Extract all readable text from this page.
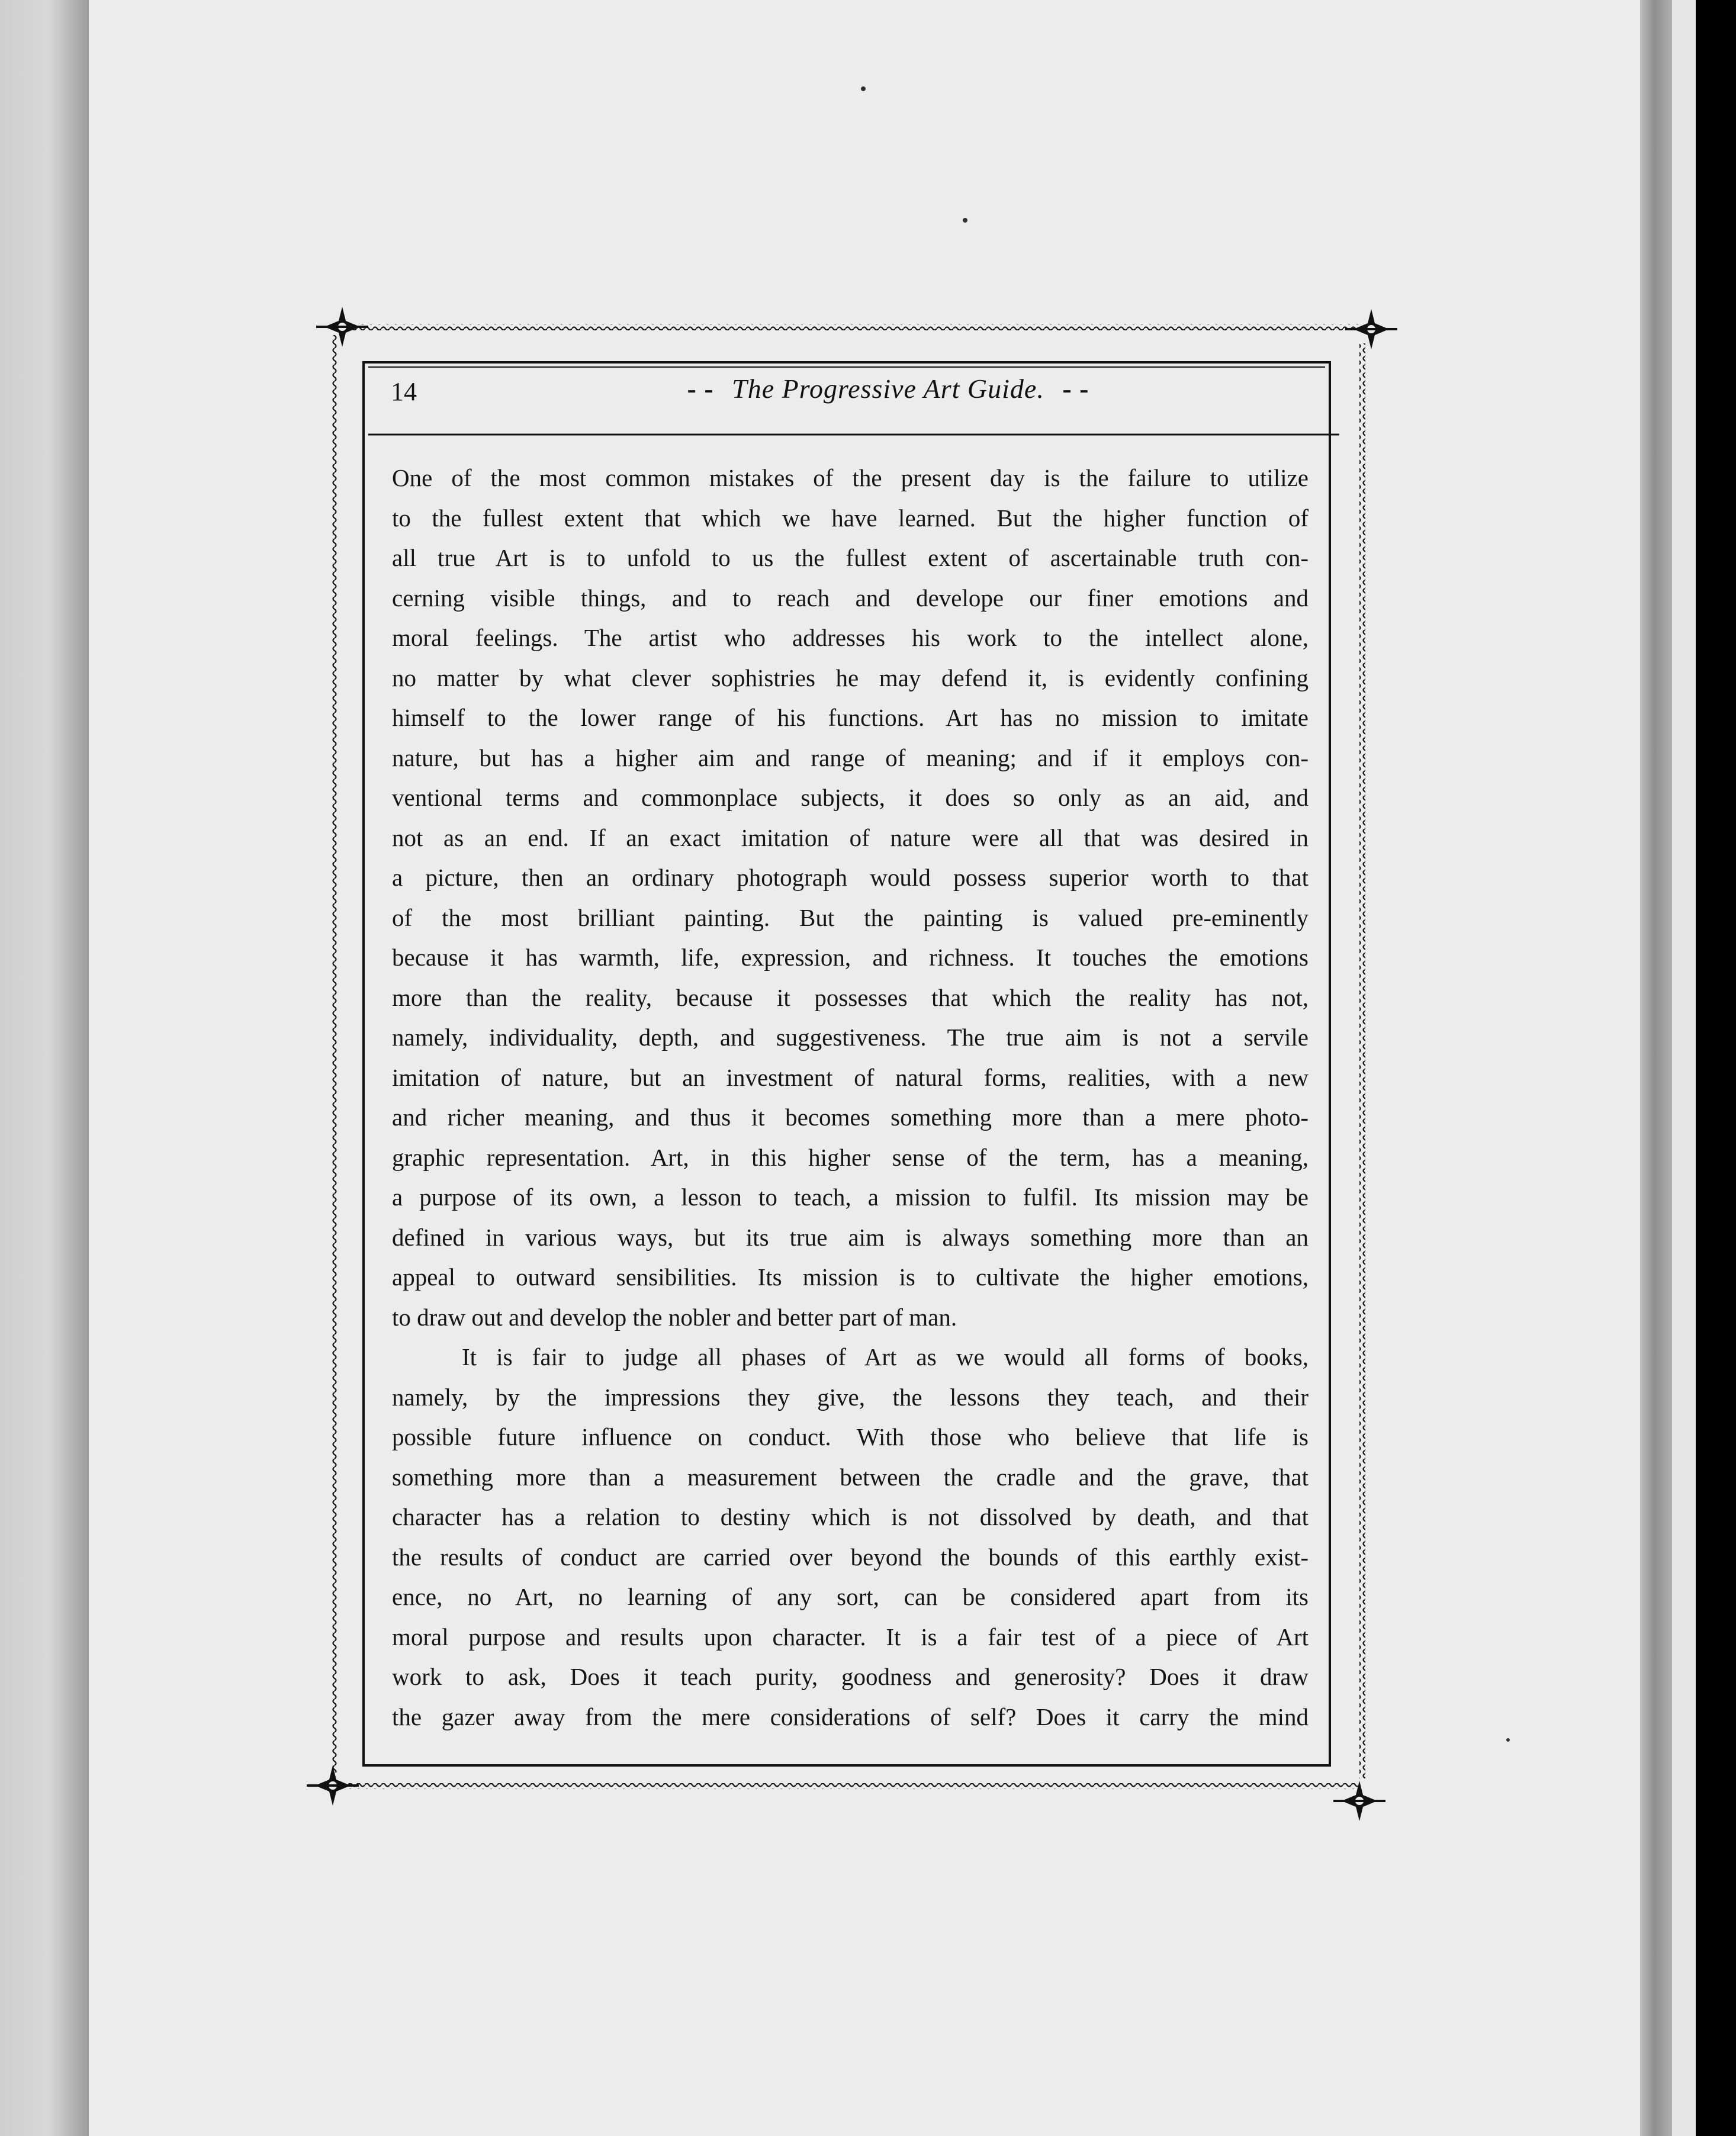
14	- - The Progressive Art Guide. - -

One of the most common mistakes of the present day is the failure to utilize
to the fullest extent that which we have learned. But the higher function of
all true Art is to unfold to us the fullest extent of ascertainable truth con-
cerning visible things, and to reach and develope our finer emotions and
moral feelings. The artist who addresses his work to the intellect alone,
no matter by what clever sophistries he may defend it, is evidently confining
himself to the lower range of his functions. Art has no mission to imitate
nature, but has a higher aim and range of meaning; and if it employs con-
ventional terms and commonplace subjects, it does so only as an aid, and
not as an end. If an exact imitation of nature were all that was desired in
a picture, then an ordinary photograph would possess superior worth to that
of the most brilliant painting. But the painting is valued pre-eminently
because it has warmth, life, expression, and richness. It touches the emotions
more than the reality, because it possesses that which the reality has not,
namely, individuality, depth, and suggestiveness. The true aim is not a servile
imitation of nature, but an investment of natural forms, realities, with a new
and richer meaning, and thus it becomes something more than a mere photo-
graphic representation. Art, in this higher sense of the term, has a meaning,
a purpose of its own, a lesson to teach, a mission to fulfil. Its mission may be
defined in various ways, but its true aim is always something more than an
appeal to outward sensibilities. Its mission is to cultivate the higher emotions,
to draw out and develop the nobler and better part of man.

It is fair to judge all phases of Art as we would all forms of books,
namely, by the impressions they give, the lessons they teach, and their
possible future influence on conduct. With those who believe that life is
something more than a measurement between the cradle and the grave, that
character has a relation to destiny which is not dissolved by death, and that
the results of conduct are carried over beyond the bounds of this earthly exist-
ence, no Art, no learning of any sort, can be considered apart from its
moral purpose and results upon character. It is a fair test of a piece of Art
work to ask, Does it teach purity, goodness and generosity? Does it draw
the gazer away from the mere considerations of self? Does it carry the mind
